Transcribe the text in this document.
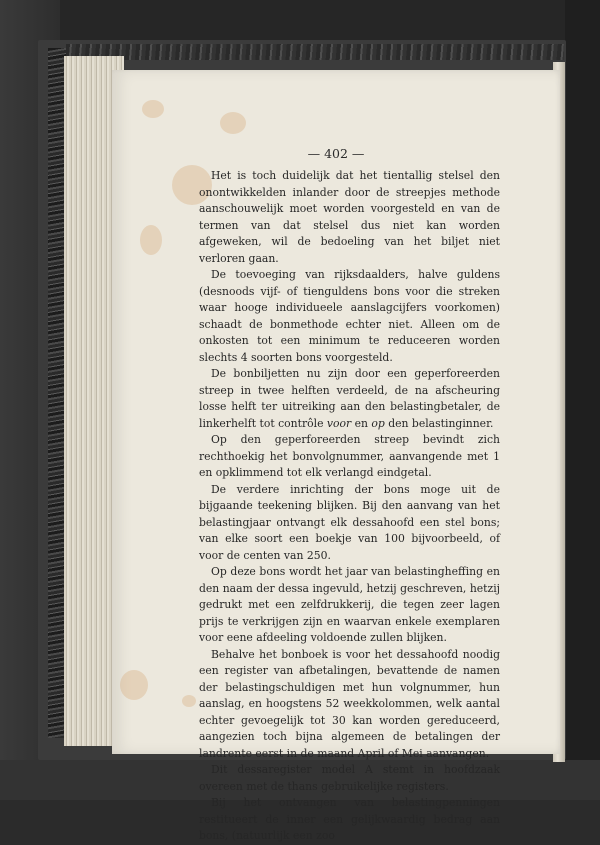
— 402 —

Het is toch duidelijk dat het tientallig stelsel den onontwikkelden inlander door de streepjes methode aanschouwelijk moet worden voorgesteld en van de termen van dat stelsel dus niet kan worden afgeweken, wil de bedoeling van het biljet niet verloren gaan.

De toevoeging van rijksdaalders, halve guldens (desnoods vijf- of tienguldens bons voor die streken waar hooge individueele aanslagcijfers voorkomen) schaadt de bonmethode echter niet. Alleen om de onkosten tot een minimum te reduceeren worden slechts 4 soorten bons voorgesteld.

De bonbiljetten nu zijn door een geperforeerden streep in twee helften verdeeld, de na afscheuring losse helft ter uitreiking aan den belastingbetaler, de linkerhelft tot contrôle voor en op den belastinginner.

Op den geperforeerden streep bevindt zich rechthoekig het bonvolgnummer, aanvangende met 1 en opklimmend tot elk verlangd eindgetal.

De verdere inrichting der bons moge uit de bijgaande teekening blijken. Bij den aanvang van het belastingjaar ontvangt elk dessahoofd een stel bons; van elke soort een boekje van 100 bijvoorbeeld, of voor de centen van 250.

Op deze bons wordt het jaar van belastingheffing en den naam der dessa ingevuld, hetzij geschreven, hetzij gedrukt met een zelfdrukkerij, die tegen zeer lagen prijs te verkrijgen zijn en waarvan enkele exemplaren voor eene afdeeling voldoende zullen blijken.

Behalve het bonboek is voor het dessahoofd noodig een register van afbetalingen, bevattende de namen der belastingschuldigen met hun volgnummer, hun aanslag, en hoogstens 52 weekkolommen, welk aantal echter gevoegelijk tot 30 kan worden gereduceerd, aangezien toch bijna algemeen de betalingen der landrente eerst in de maand April of Mei aanvangen.

Dit dessaregister model A stemt in hoofdzaak overeen met de thans gebruikelijke registers.

Bij het ontvangen van belastingpenningen restitueert de inner een gelijkwaardig bedrag aan bons, (natuurlijk een zoo
